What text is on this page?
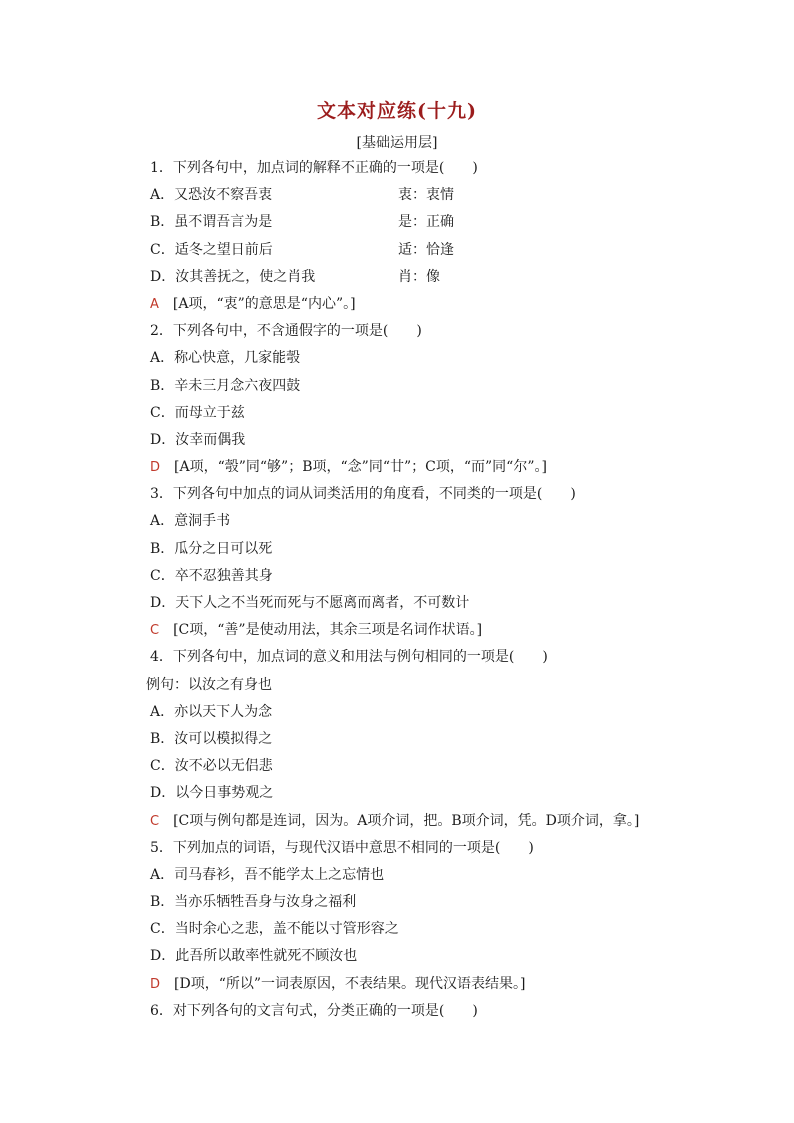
文本对应练(十九)
[基础运用层]
1．下列各句中，加点词的解释不正确的一项是(　　)
A．又恐汝不察吾衷	衷：衷情
B．虽不谓吾言为是	是：正确
C．适冬之望日前后	适：恰逢
D．汝其善抚之，使之肖我	肖：像
A [A项，“衷”的意思是“内心”。]
2．下列各句中，不含通假字的一项是(　　)
A．称心快意，几家能彀
B．辛未三月念六夜四鼓
C．而母立于兹
D．汝幸而偶我
D [A项，“彀”同“够”；B项，“念”同“廿”；C项，“而”同“尔”。]
3．下列各句中加点的词从词类活用的角度看，不同类的一项是(　　)
A．意洞手书
B．瓜分之日可以死
C．卒不忍独善其身
D．天下人之不当死而死与不愿离而离者，不可数计
C [C项，“善”是使动用法，其余三项是名词作状语。]
4．下列各句中，加点词的意义和用法与例句相同的一项是(　　)
例句：以汝之有身也
A．亦以天下人为念
B．汝可以模拟得之
C．汝不必以无侣悲
D．以今日事势观之
C [C项与例句都是连词，因为。A项介词，把。B项介词，凭。D项介词，拿。]
5．下列加点的词语，与现代汉语中意思不相同的一项是(　　)
A．司马春衫，吾不能学太上之忘情也
B．当亦乐牺牲吾身与汝身之福利
C．当时余心之悲，盖不能以寸管形容之
D．此吾所以敢率性就死不顾汝也
D [D项，“所以”一词表原因，不表结果。现代汉语表结果。]
6．对下列各句的文言句式，分类正确的一项是(　　)
